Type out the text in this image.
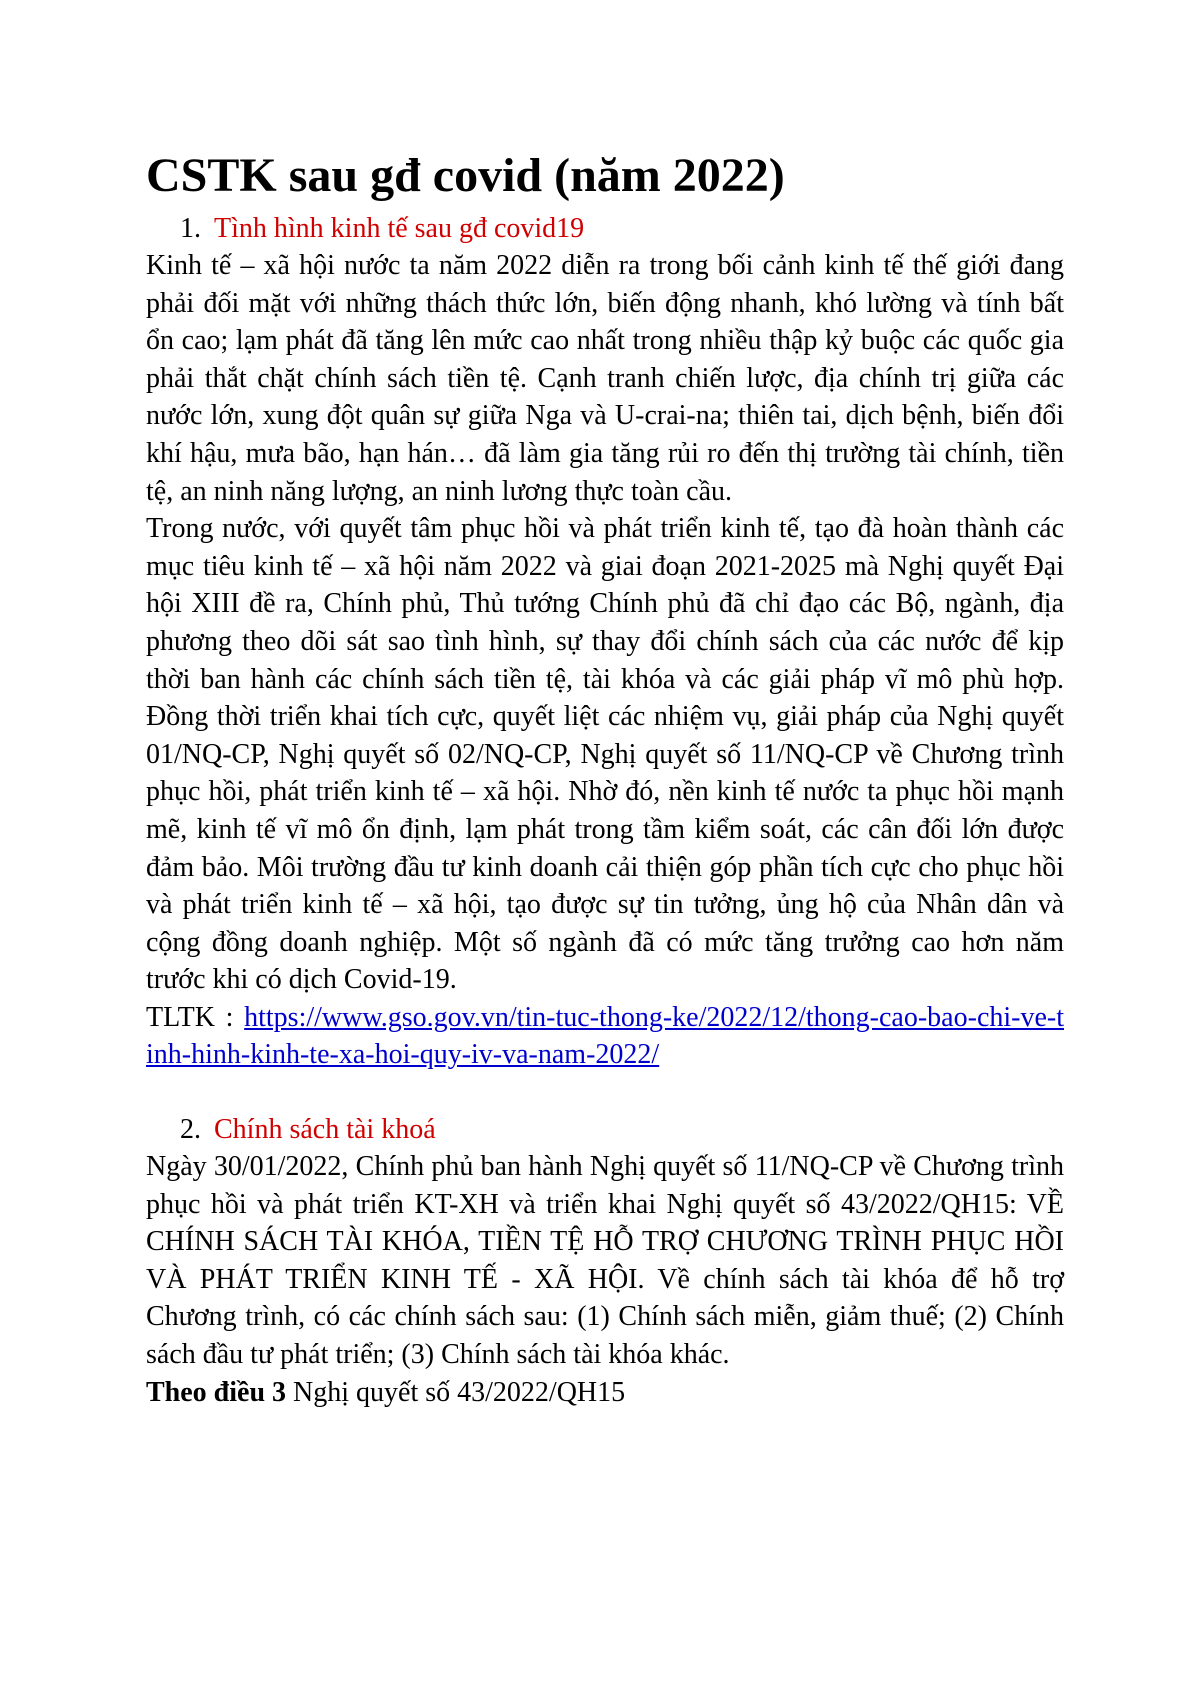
CSTK sau gđ covid (năm 2022)

1. Tình hình kinh tế sau gđ covid19

Kinh tế – xã hội nước ta năm 2022 diễn ra trong bối cảnh kinh tế thế giới đang phải đối mặt với những thách thức lớn, biến động nhanh, khó lường và tính bất ổn cao; lạm phát đã tăng lên mức cao nhất trong nhiều thập kỷ buộc các quốc gia phải thắt chặt chính sách tiền tệ. Cạnh tranh chiến lược, địa chính trị giữa các nước lớn, xung đột quân sự giữa Nga và U-crai-na; thiên tai, dịch bệnh, biến đổi khí hậu, mưa bão, hạn hán… đã làm gia tăng rủi ro đến thị trường tài chính, tiền tệ, an ninh năng lượng, an ninh lương thực toàn cầu.

Trong nước, với quyết tâm phục hồi và phát triển kinh tế, tạo đà hoàn thành các mục tiêu kinh tế – xã hội năm 2022 và giai đoạn 2021-2025 mà Nghị quyết Đại hội XIII đề ra, Chính phủ, Thủ tướng Chính phủ đã chỉ đạo các Bộ, ngành, địa phương theo dõi sát sao tình hình, sự thay đổi chính sách của các nước để kịp thời ban hành các chính sách tiền tệ, tài khóa và các giải pháp vĩ mô phù hợp. Đồng thời triển khai tích cực, quyết liệt các nhiệm vụ, giải pháp của Nghị quyết 01/NQ-CP, Nghị quyết số 02/NQ-CP, Nghị quyết số 11/NQ-CP về Chương trình phục hồi, phát triển kinh tế – xã hội. Nhờ đó, nền kinh tế nước ta phục hồi mạnh mẽ, kinh tế vĩ mô ổn định, lạm phát trong tầm kiểm soát, các cân đối lớn được đảm bảo. Môi trường đầu tư kinh doanh cải thiện góp phần tích cực cho phục hồi và phát triển kinh tế – xã hội, tạo được sự tin tưởng, ủng hộ của Nhân dân và cộng đồng doanh nghiệp. Một số ngành đã có mức tăng trưởng cao hơn năm trước khi có dịch Covid-19.

TLTK : https://www.gso.gov.vn/tin-tuc-thong-ke/2022/12/thong-cao-bao-chi-ve-tinh-hinh-kinh-te-xa-hoi-quy-iv-va-nam-2022/

2. Chính sách tài khoá

Ngày 30/01/2022, Chính phủ ban hành Nghị quyết số 11/NQ-CP về Chương trình phục hồi và phát triển KT-XH và triển khai Nghị quyết số 43/2022/QH15: VỀ CHÍNH SÁCH TÀI KHÓA, TIỀN TỆ HỖ TRỢ CHƯƠNG TRÌNH PHỤC HỒI VÀ PHÁT TRIỂN KINH TẾ - XÃ HỘI. Về chính sách tài khóa để hỗ trợ Chương trình, có các chính sách sau: (1) Chính sách miễn, giảm thuế; (2) Chính sách đầu tư phát triển; (3) Chính sách tài khóa khác.

Theo điều 3 Nghị quyết số 43/2022/QH15
